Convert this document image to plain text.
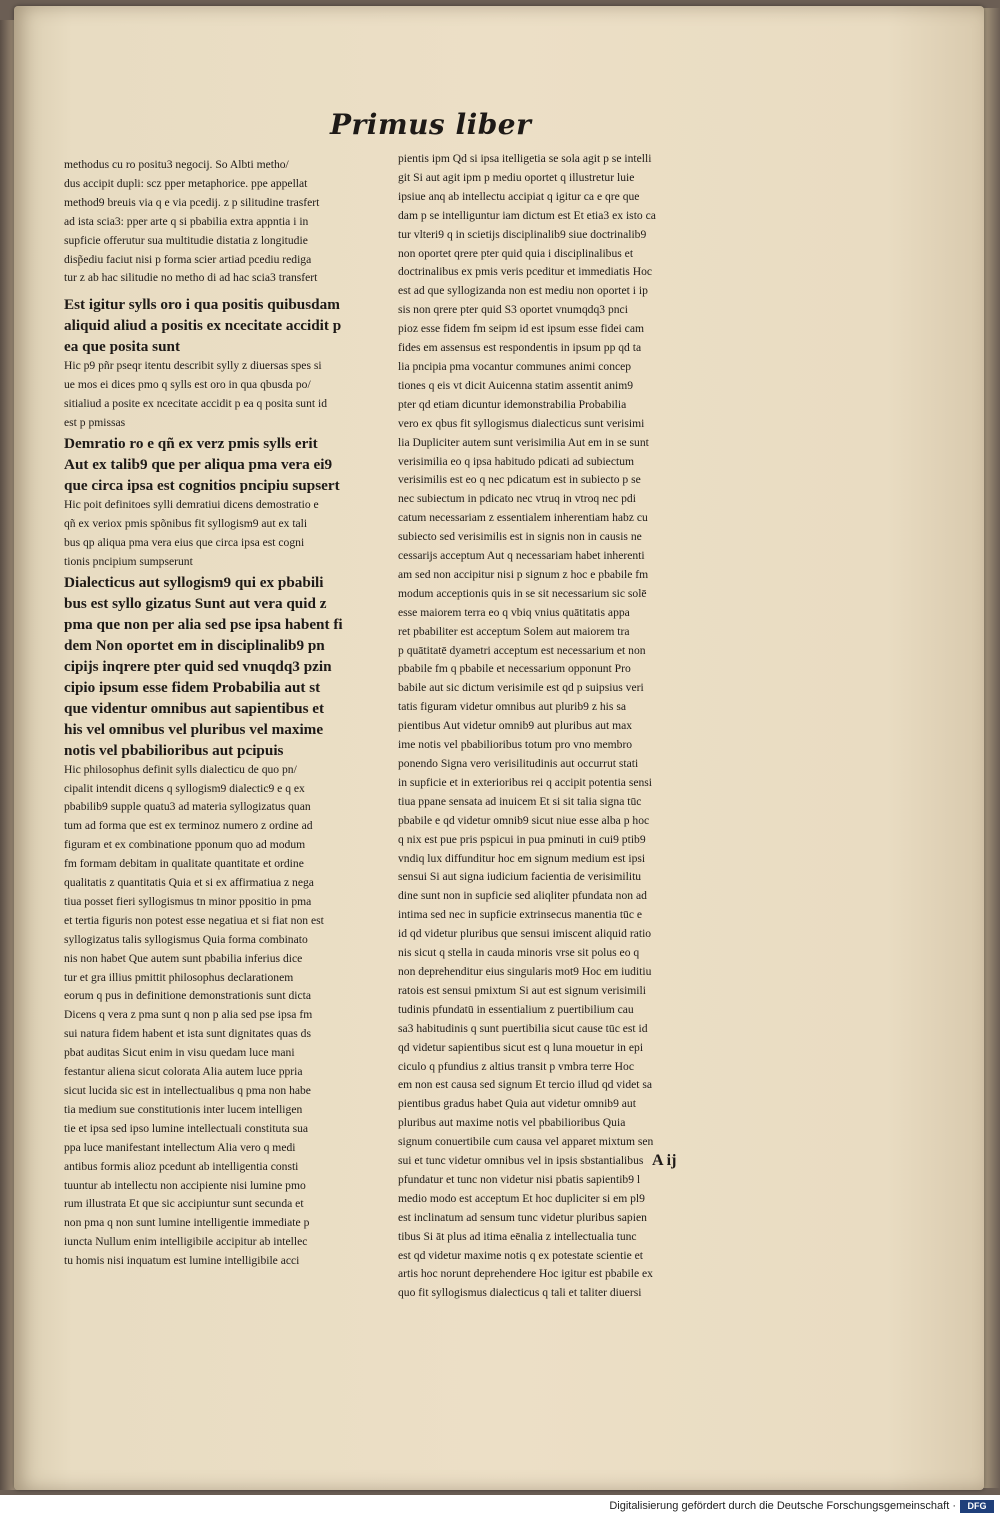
Primus liber

methodus cu ro positu3 negocij. So Albti metho/

dus accipit dupli: scz pper metaphorice. ppe appellat

method9 breuis via q e via pcedij. z p silitudine trasfert

ad ista scia3: pper arte q si pbabilia extra appntia i in

supficie offerutur sua multitudie distatia z longitudie

disp̃ediu faciut nisi p forma scier artiad pcediu rediga

tur z ab hac silitudie no metho di ad hac scia3 transfert

Est igitur sylls oro i qua positis quibusdam

aliquid aliud a positis ex ncecitate accidit p

ea que posita sunt

Hic p9 pñr pseqr itentu describit sylly z diuersas spes si

ue mos ei dices pmo q sylls est oro in qua qbusda po/

sitialiud a posite ex ncecitate accidit p ea q posita sunt id

est p pmissas

Demratio ro e qñ ex verz pmis sylls erit

Aut ex talib9 que per aliqua pma vera ei9

que circa ipsa est cognitios pncipiu supsert

Hic poit definitoes sylli demratiui dicens demostratio e

qñ ex veriox pmis spõnibus fit syllogism9 aut ex tali

bus qp aliqua pma vera eius que circa ipsa est cogni

tionis pncipium sumpserunt

Dialecticus aut syllogism9 qui ex pbabili

bus est syllo gizatus Sunt aut vera quid z

pma que non per alia sed pse ipsa habent fi

dem Non oportet em in disciplinalib9 pn

cipijs inqrere pter quid sed vnuqdq3 pzin

cipio ipsum esse fidem Probabilia aut st

que videntur omnibus aut sapientibus et

his vel omnibus vel pluribus vel maxime

notis vel pbabilioribus aut pcipuis

Hic philosophus definit sylls dialecticu de quo pn/

cipalit intendit dicens q syllogism9 dialectic9 e q ex

pbabilib9 supple quatu3 ad materia syllogizatus quan

tum ad forma que est ex terminoz numero z ordine ad

figuram et ex combinatione pponum quo ad modum

fm formam debitam in qualitate quantitate et ordine

qualitatis z quantitatis Quia et si ex affirmatiua z nega

tiua posset fieri syllogismus tn minor ppositio in pma

et tertia figuris non potest esse negatiua et si fiat non est

syllogizatus talis syllogismus Quia forma combinato

nis non habet Que autem sunt pbabilia inferius dice

tur et gra illius pmittit philosophus declarationem

eorum q pus in definitione demonstrationis sunt dicta

Dicens q vera z pma sunt q non p alia sed pse ipsa fm

sui natura fidem habent et ista sunt dignitates quas ds

pbat auditas Sicut enim in visu quedam luce mani

festantur aliena sicut colorata Alia autem luce ppria

sicut lucida sic est in intellectualibus q pma non habe

tia medium sue constitutionis inter lucem intelligen

tie et ipsa sed ipso lumine intellectuali constituta sua

ppa luce manifestant intellectum Alia vero q medi

antibus formis alioz pcedunt ab intelligentia consti

tuuntur ab intellectu non accipiente nisi lumine pmo

rum illustrata Et que sic accipiuntur sunt secunda et

non pma q non sunt lumine intelligentie immediate p

iuncta Nullum enim intelligibile accipitur ab intellec

tu homis nisi inquatum est lumine intelligibile acci

pientis ipm Qd si ipsa itelligetia se sola agit p se intelli

git Si aut agit ipm p mediu oportet q illustretur luie

ipsiue anq ab intellectu accipiat q igitur ca e qre que

dam p se intelliguntur iam dictum est Et etia3 ex isto ca

tur vlteri9 q in scietijs disciplinalib9 siue doctrinalib9

non oportet qrere pter quid quia i disciplinalibus et

doctrinalibus ex pmis veris pceditur et immediatis Hoc

est ad que syllogizanda non est mediu non oportet i ip

sis non qrere pter quid S3 oportet vnumqdq3 pnci

pioz esse fidem fm seipm id est ipsum esse fidei cam

fides em assensus est respondentis in ipsum pp qd ta

lia pncipia pma vocantur communes animi concep

tiones q eis vt dicit Auicenna statim assentit anim9

pter qd etiam dicuntur idemonstrabilia Probabilia

vero ex qbus fit syllogismus dialecticus sunt verisimi

lia Dupliciter autem sunt verisimilia Aut em in se sunt

verisimilia eo q ipsa habitudo pdicati ad subiectum

verisimilis est eo q nec pdicatum est in subiecto p se

nec subiectum in pdicato nec vtruq in vtroq nec pdi

catum necessariam z essentialem inherentiam habz cu

subiecto sed verisimilis est in signis non in causis ne

cessarijs acceptum Aut q necessariam habet inherenti

am sed non accipitur nisi p signum z hoc e pbabile fm

modum acceptionis quis in se sit necessarium sic solē

esse maiorem terra eo q vbiq vnius quātitatis appa

ret pbabiliter est acceptum Solem aut maiorem tra

p quātitatē dyametri acceptum est necessarium et non

pbabile fm q pbabile et necessarium opponunt Pro

babile aut sic dictum verisimile est qd p suipsius veri

tatis figuram videtur omnibus aut plurib9 z his sa

pientibus Aut videtur omnib9 aut pluribus aut max

ime notis vel pbabilioribus totum pro vno membro

ponendo Signa vero verisilitudinis aut occurrut stati

in supficie et in exterioribus rei q accipit potentia sensi

tiua ppane sensata ad inuicem Et si sit talia signa tūc

pbabile e qd videtur omnib9 sicut niue esse alba p hoc

q nix est pue pris pspicui in pua pminuti in cui9 ptib9

vndiq lux diffunditur hoc em signum medium est ipsi

sensui Si aut signa iudicium facientia de verisimilitu

dine sunt non in supficie sed aliqliter pfundata non ad

intima sed nec in supficie extrinsecus manentia tūc e

id qd videtur pluribus que sensui imiscent aliquid ratio

nis sicut q stella in cauda minoris vrse sit polus eo q

non deprehenditur eius singularis mot9 Hoc em iuditiu

ratois est sensui pmixtum Si aut est signum verisimili

tudinis pfundatū in essentialium z puertibilium cau

sa3 habitudinis q sunt puertibilia sicut cause tūc est id

qd videtur sapientibus sicut est q luna mouetur in epi

ciculo q pfundius z altius transit p vmbra terre Hoc

em non est causa sed signum Et tercio illud qd videt sa

pientibus gradus habet Quia aut videtur omnib9 aut

pluribus aut maxime notis vel pbabilioribus Quia

signum conuertibile cum causa vel apparet mixtum sen

sui et tunc videtur omnibus vel in ipsis sbstantialibus

pfundatur et tunc non videtur nisi pbatis sapientib9 l

medio modo est acceptum Et hoc dupliciter si em pl9

est inclinatum ad sensum tunc videtur pluribus sapien

tibus Si āt plus ad itima eēnalia z intellectualia tunc

est qd videtur maxime notis q ex potestate scientie et

artis hoc norunt deprehendere Hoc igitur est pbabile ex

quo fit syllogismus dialecticus q tali et taliter diuersi

A ij
Digitalisierung gefördert durch die Deutsche Forschungsgemeinschaft ·	DFG
